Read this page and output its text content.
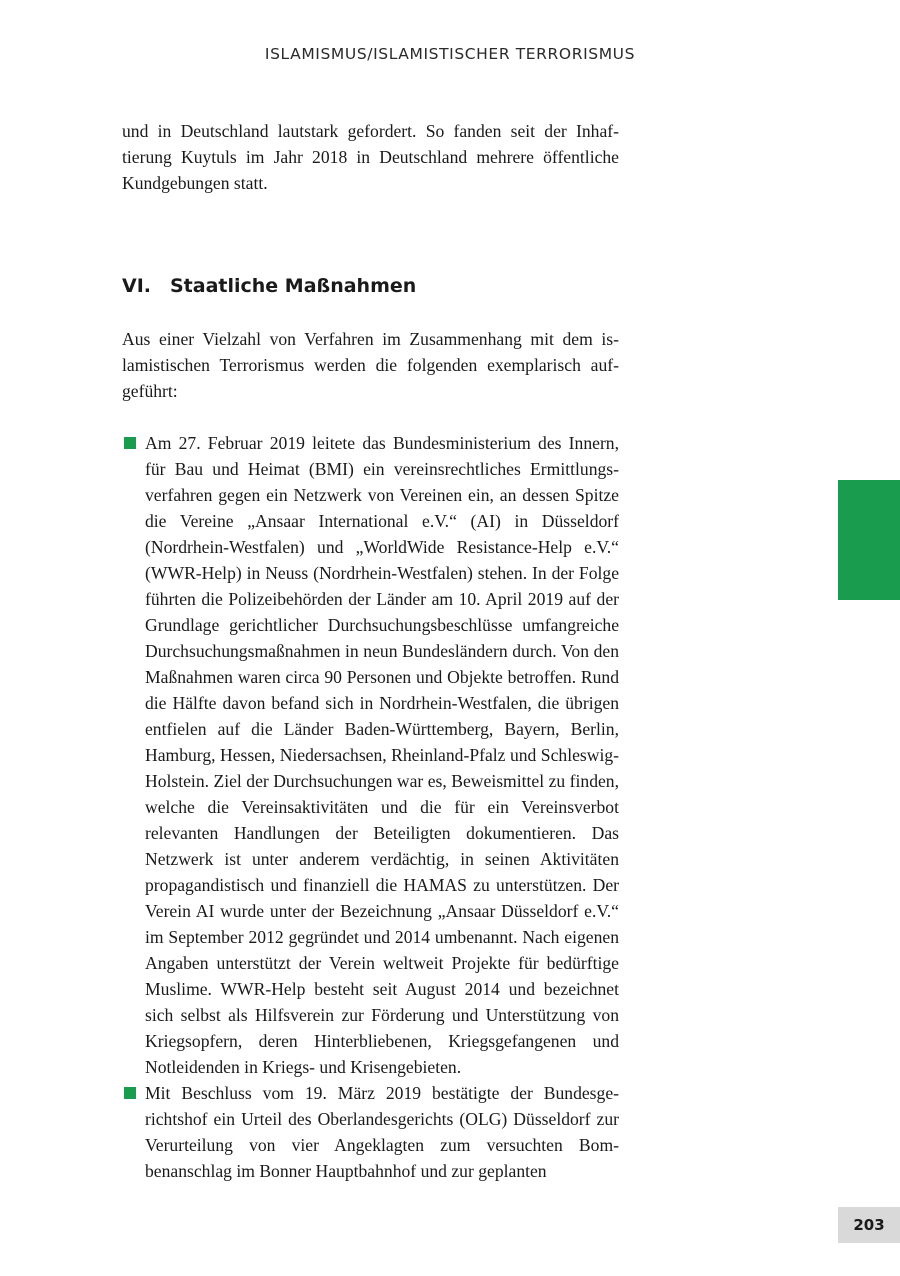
ISLAMISMUS/ISLAMISTISCHER TERRORISMUS

und in Deutschland lautstark gefordert. So fanden seit der Inhaftierung Kuytuls im Jahr 2018 in Deutschland mehrere öffentliche Kundgebungen statt.

VI. Staatliche Maßnahmen

Aus einer Vielzahl von Verfahren im Zusammenhang mit dem islamistischen Terrorismus werden die folgenden exemplarisch aufgeführt:

Am 27. Februar 2019 leitete das Bundesministerium des Innern, für Bau und Heimat (BMI) ein vereinsrechtliches Ermittlungsverfahren gegen ein Netzwerk von Vereinen ein, an dessen Spitze die Vereine „Ansaar International e.V.“ (AI) in Düsseldorf (Nordrhein-Westfalen) und „WorldWide Resistance-Help e.V.“ (WWR-Help) in Neuss (Nordrhein-Westfalen) stehen. In der Folge führten die Polizeibehörden der Länder am 10. April 2019 auf der Grundlage gerichtlicher Durchsuchungsbeschlüsse umfangreiche Durchsuchungsmaßnahmen in neun Bundesländern durch. Von den Maßnahmen waren circa 90 Personen und Objekte betroffen. Rund die Hälfte davon befand sich in Nordrhein-Westfalen, die übrigen entfielen auf die Länder Baden-Württemberg, Bayern, Berlin, Hamburg, Hessen, Niedersachsen, Rheinland-Pfalz und Schleswig-Holstein. Ziel der Durchsuchungen war es, Beweismittel zu finden, welche die Vereinsaktivitäten und die für ein Vereinsverbot relevanten Handlungen der Beteiligten dokumentieren. Das Netzwerk ist unter anderem verdächtig, in seinen Aktivitäten propagandistisch und finanziell die HAMAS zu unterstützen. Der Verein AI wurde unter der Bezeichnung „Ansaar Düsseldorf e.V.“ im September 2012 gegründet und 2014 umbenannt. Nach eigenen Angaben unterstützt der Verein weltweit Projekte für bedürftige Muslime. WWR-Help besteht seit August 2014 und bezeichnet sich selbst als Hilfsverein zur Förderung und Unterstützung von Kriegsopfern, deren Hinterbliebenen, Kriegsgefangenen und Notleidenden in Kriegs- und Krisengebieten.

Mit Beschluss vom 19. März 2019 bestätigte der Bundesgerichtshof ein Urteil des Oberlandesgerichts (OLG) Düsseldorf zur Verurteilung von vier Angeklagten zum versuchten Bombenanschlag im Bonner Hauptbahnhof und zur geplanten

203
